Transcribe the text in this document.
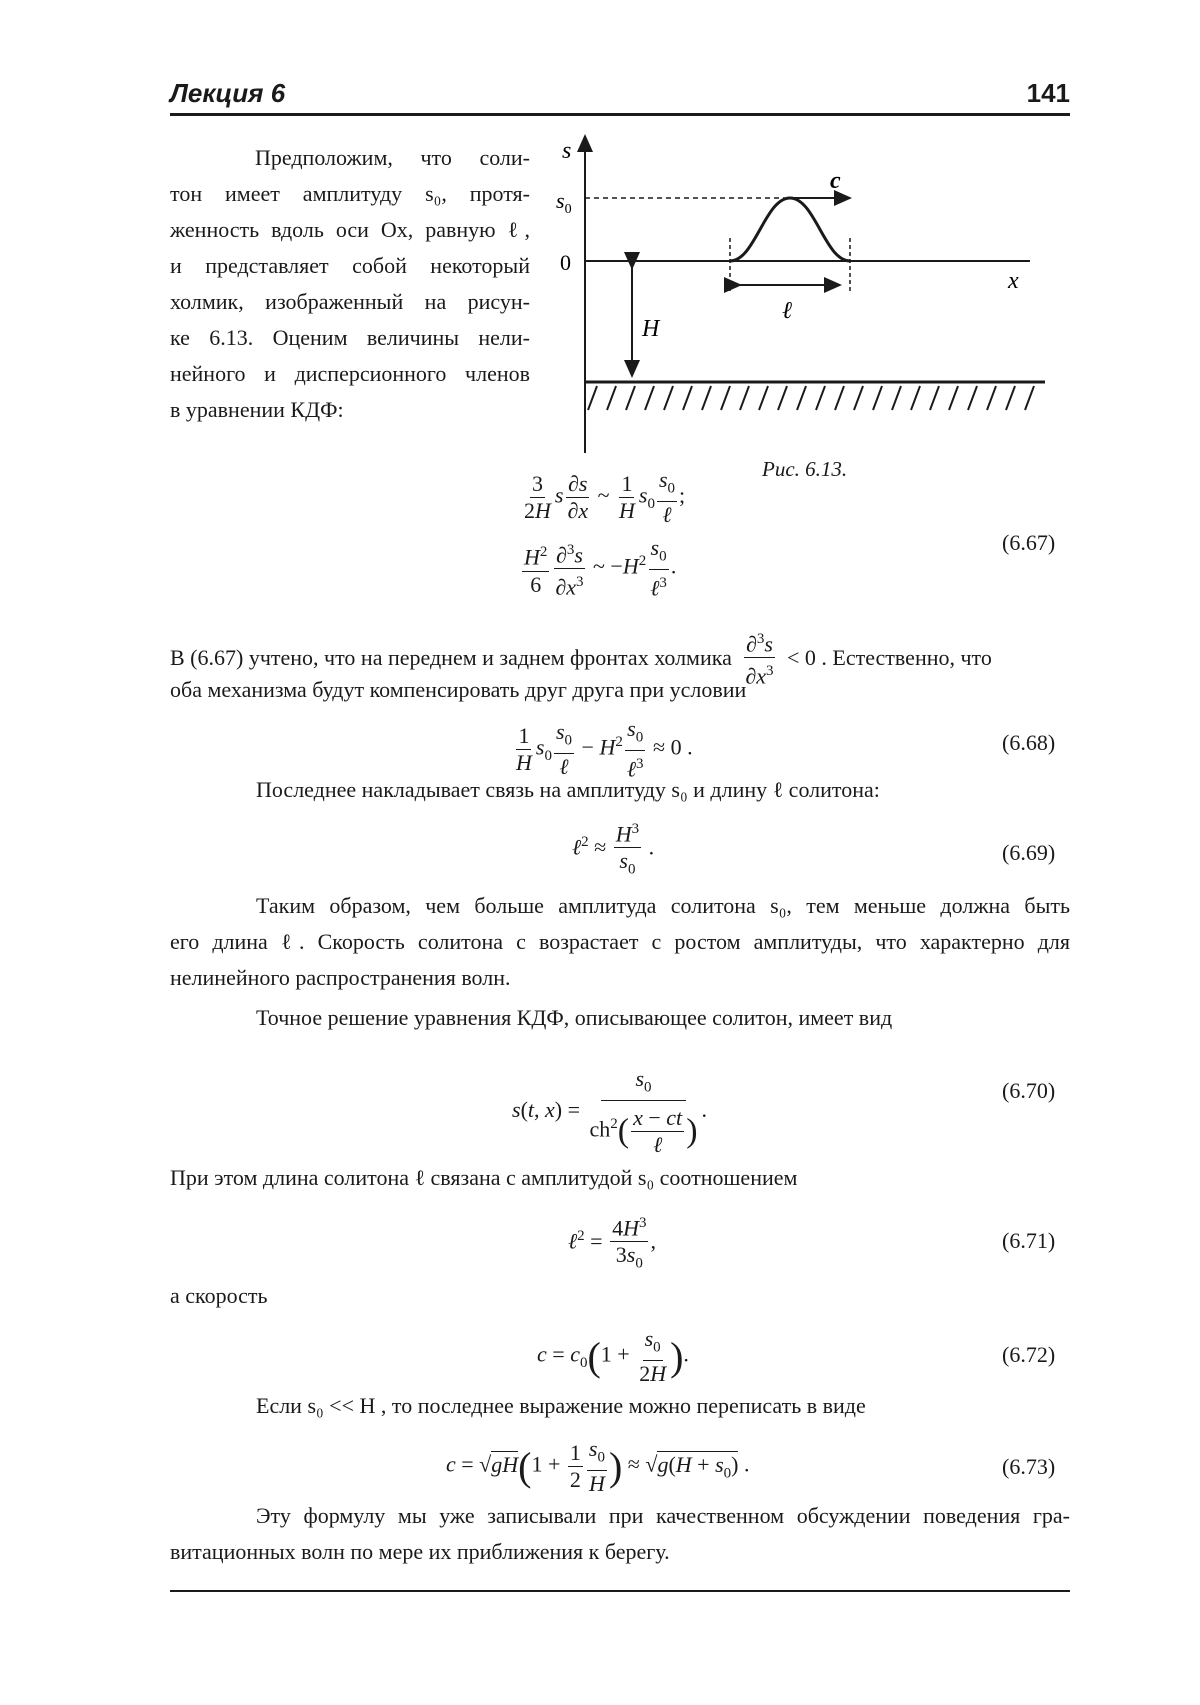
Лекция 6	141
Предположим, что соли-
тон имеет амплитуду s₀, протя-
женность вдоль оси Ox, равную ℓ,
и представляет собой некоторый
холмик, изображенный на рисун-
ке 6.13. Оценим величины нели-
нейного и дисперсионного членов
в уравнении КДФ:
s
$s_0$
0
x
c
ℓ
H
Рис. 6.13.
$\frac{3}{2H}$ s $\frac{\partial s}{\partial x}$ ~ $\frac{1}{H} s_0 \frac{s_0}{\text{ℓ}}$ ;
$\frac{H^2}{6} \frac{\partial^3s}{\partial x^3}$ ~ $-H^2 \frac{s_0}{\ell^3}$ .
(6.67)
В (6.67) учтено, что на переднем и заднем фронтах холмика $\frac{\partial^3s}{\partial x^3} < 0$ . Естественно, что
оба механизма будут компенсировать друг друга при условии
$\frac{1}{H} s_0 \frac{s_0}{\text{ℓ}} - H^2 \frac{s_0}{\ell^3} \approx 0$ .	(6.68)
Последнее накладывает связь на амплитуду s₀ и длину ℓ солитона:
ℓ$^2$ ≈ $\frac{H^3}{s_0}$ .	(6.69)
Таким образом, чем больше амплитуда солитона s₀, тем меньше должна быть
его длина ℓ. Скорость солитона c возрастает с ростом амплитуды, что характерно для
нелинейного распространения волн.
Точное решение уравнения КДФ, описывающее солитон, имеет вид
s(t, $x) = \frac{s_0}{ch^2( \frac{x - ct}{\text{ℓ}} )}$ .
(6.70)
При этом длина солитона ℓ связана с амплитудой s₀ соотношением
ℓ$^2$ = $\frac{4H^3}{3s_0}$ ,	(6.71)
а скорость
$c = c_0(1 + \frac{s_0}{2H}$ ).	(6.72)
Если s₀ << H , то последнее выражение можно переписать в виде
$c = √gH(1 + \frac{1}{2} \frac{s_0}{H}$ ) ≈ $√g(H + s_0)$ .	(6.73)
Эту формулу мы уже записывали при качественном обсуждении поведения гра-
витационных волн по мере их приближения к берегу.
